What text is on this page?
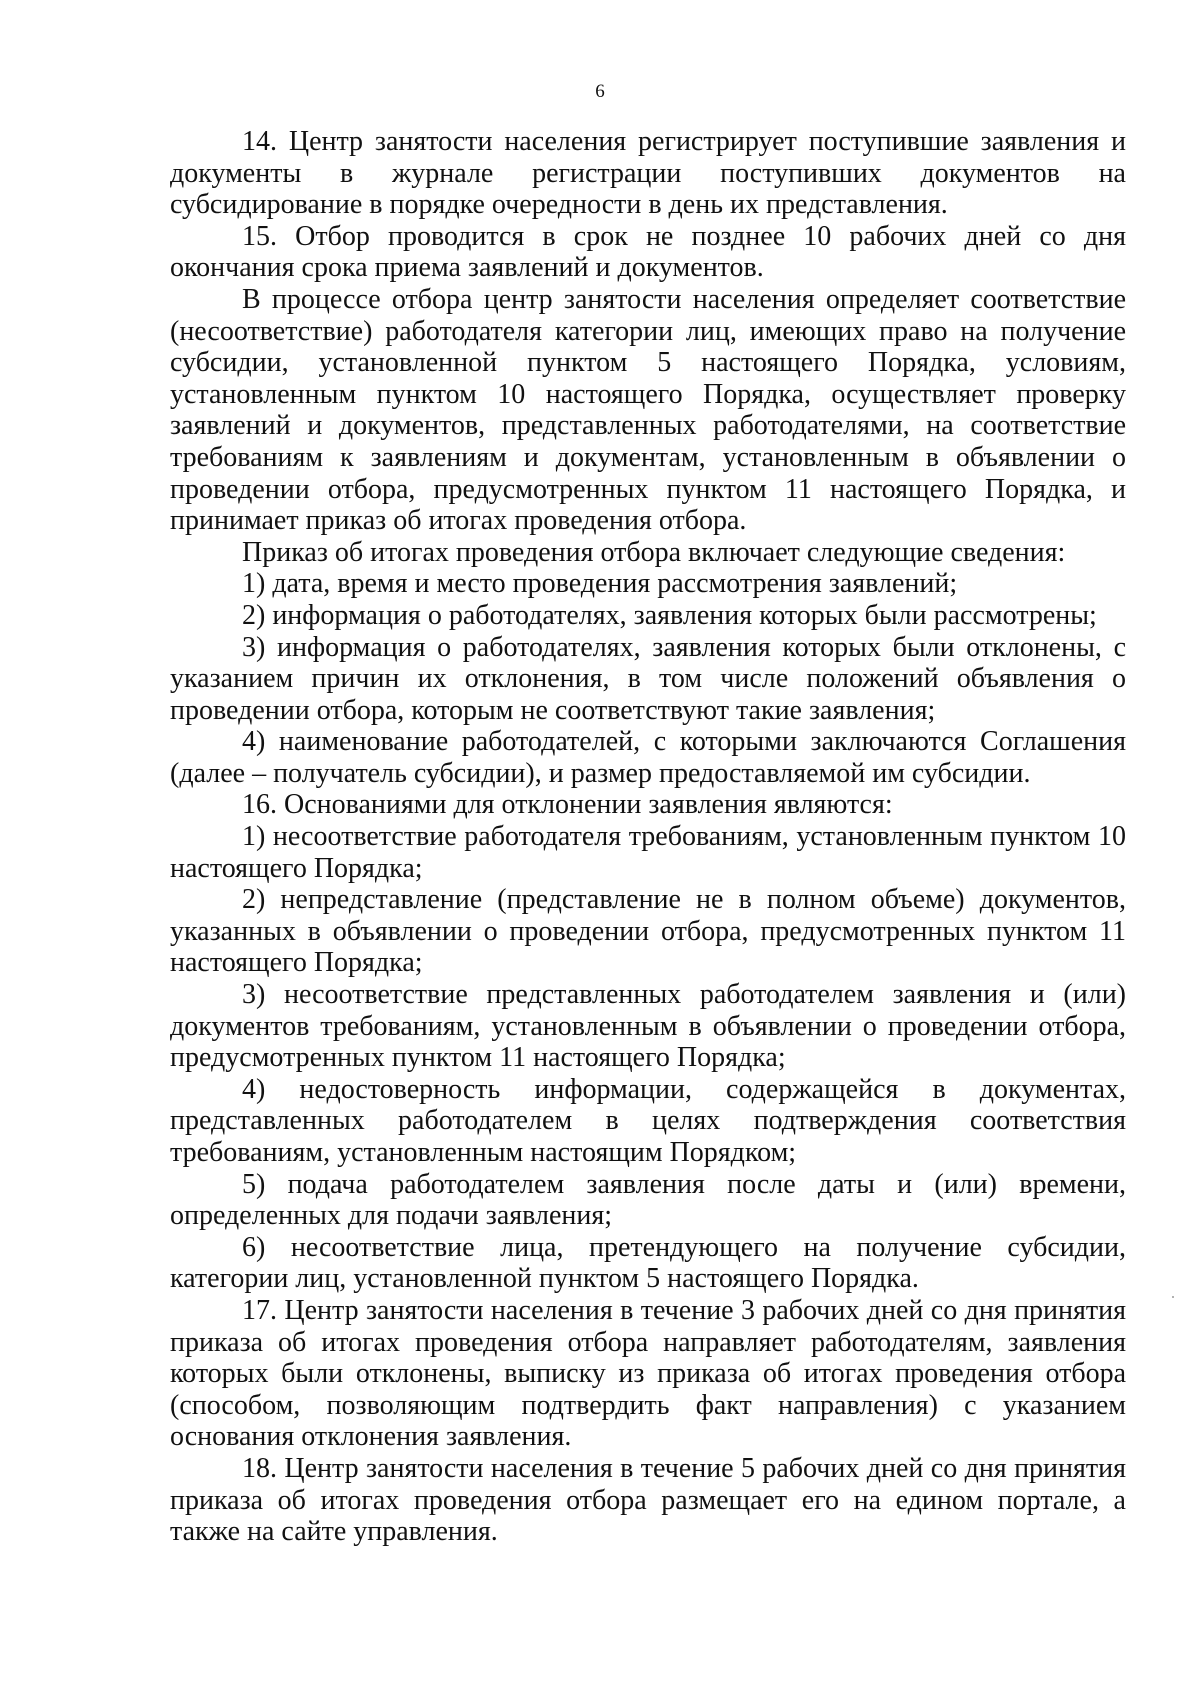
6

14. Центр занятости населения регистрирует поступившие заявления и документы в журнале регистрации поступивших документов на субсидирование в порядке очередности в день их представления.

15. Отбор проводится в срок не позднее 10 рабочих дней со дня окончания срока приема заявлений и документов.

В процессе отбора центр занятости населения определяет соответствие (несоответствие) работодателя категории лиц, имеющих право на получение субсидии, установленной пунктом 5 настоящего Порядка, условиям, установленным пунктом 10 настоящего Порядка, осуществляет проверку заявлений и документов, представленных работодателями, на соответствие требованиям к заявлениям и документам, установленным в объявлении о проведении отбора, предусмотренных пунктом 11 настоящего Порядка, и принимает приказ об итогах проведения отбора.

Приказ об итогах проведения отбора включает следующие сведения:

1) дата, время и место проведения рассмотрения заявлений;

2) информация о работодателях, заявления которых были рассмотрены;

3) информация о работодателях, заявления которых были отклонены, с указанием причин их отклонения, в том числе положений объявления о проведении отбора, которым не соответствуют такие заявления;

4) наименование работодателей, с которыми заключаются Соглашения (далее – получатель субсидии), и размер предоставляемой им субсидии.

16. Основаниями для отклонении заявления являются:

1) несоответствие работодателя требованиям, установленным пунктом 10 настоящего Порядка;

2) непредставление (представление не в полном объеме) документов, указанных в объявлении о проведении отбора, предусмотренных пунктом 11 настоящего Порядка;

3) несоответствие представленных работодателем заявления и (или) документов требованиям, установленным в объявлении о проведении отбора, предусмотренных пунктом 11 настоящего Порядка;

4) недостоверность информации, содержащейся в документах, представленных работодателем в целях подтверждения соответствия требованиям, установленным настоящим Порядком;

5) подача работодателем заявления после даты и (или) времени, определенных для подачи заявления;

6) несоответствие лица, претендующего на получение субсидии, категории лиц, установленной пунктом 5 настоящего Порядка.

17. Центр занятости населения в течение 3 рабочих дней со дня принятия приказа об итогах проведения отбора направляет работодателям, заявления которых были отклонены, выписку из приказа об итогах проведения отбора (способом, позволяющим подтвердить факт направления) с указанием основания отклонения заявления.

18. Центр занятости населения в течение 5 рабочих дней со дня принятия приказа об итогах проведения отбора размещает его на едином портале, а также на сайте управления.
